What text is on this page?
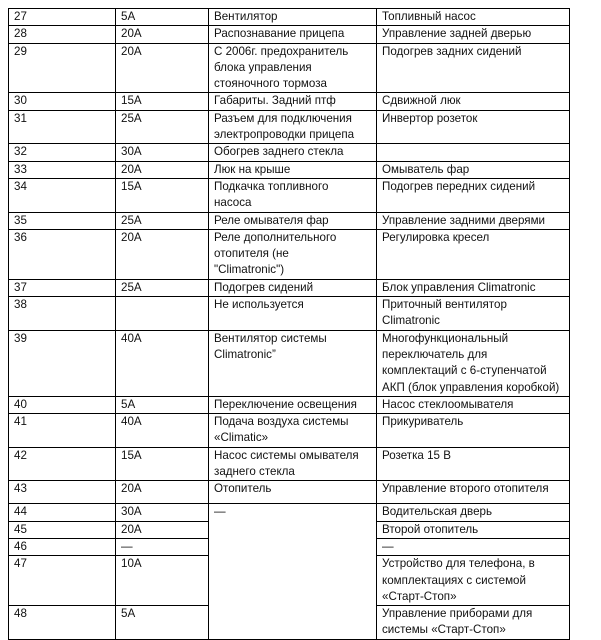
27	5A	Вентилятор	Топливный насос
28	20A	Распознавание прицепа	Управление задней дверью
29	20A	С 2006г. предохранитель
блока управления
стояночного тормоза	Подогрев задних сидений
30	15A	Габариты. Задний птф	Сдвижной люк
31	25A	Разъем для подключения
электропроводки прицепа	Инвертор розеток
32	30A	Обогрев заднего стекла	
33	20A	Люк на крыше	Омыватель фар
34	15A	Подкачка топливного
насоса	Подогрев передних сидений
35	25A	Реле омывателя фар	Управление задними дверями
36	20A	Реле дополнительного
отопителя (не
"Climatronic")	Регулировка кресел
37	25A	Подогрев сидений	Блок управления Climatronic
38		Не используется	Приточный вентилятор
Climatronic
39	40A	Вентилятор системы
Climatronic”	Многофункциональный
переключатель для
комплектаций с 6-ступенчатой
АКП (блок управления коробкой)
40	5A	Переключение освещения	Насос стеклоомывателя
41	40A	Подача воздуха системы
«Climatic»	Прикуриватель
42	15A	Насос системы омывателя
заднего стекла	Розетка 15 В
43	20A	Отопитель	Управление второго отопителя
44	30A	—	Водительская дверь
45	20A		Второй отопитель
46	—		—
47	10A		Устройство для телефона, в
комплектациях с системой
«Старт-Стоп»
48	5A		Управление приборами для
системы «Старт-Стоп»
